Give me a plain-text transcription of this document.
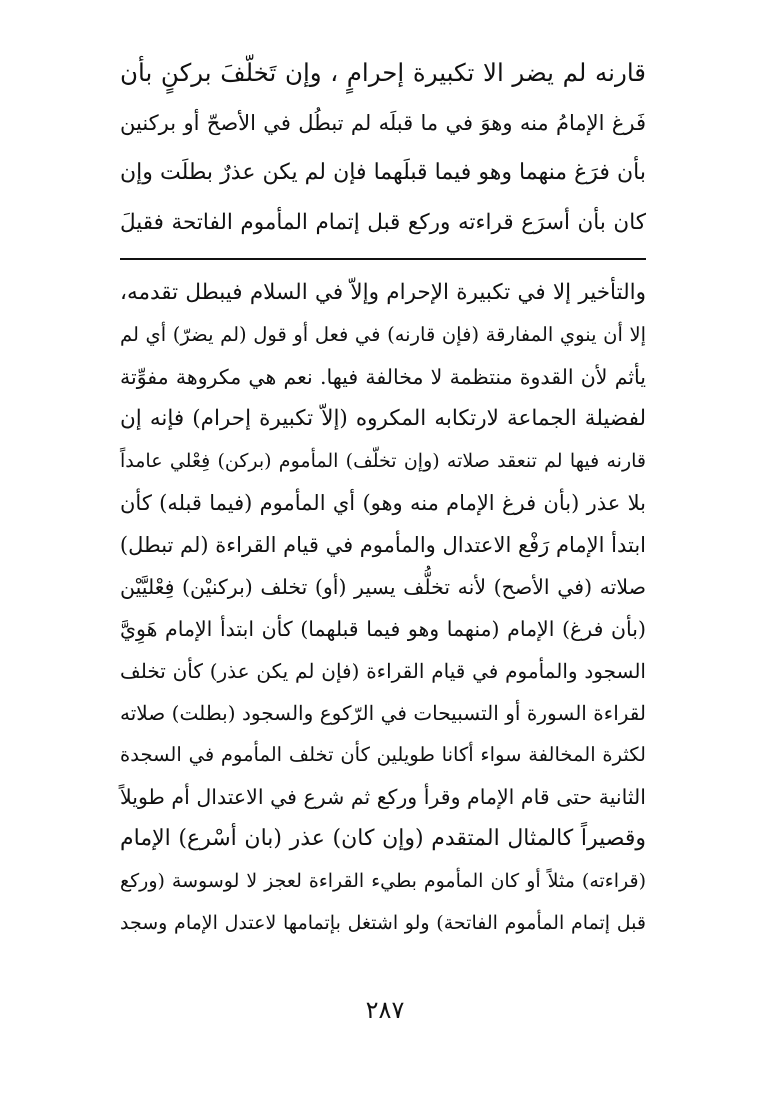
قارنه لم يضر الا تكبيرة إحرامٍ ، وإن تَخلّفَ بركنٍ بأن
فَرغ الإمامُ منه وهوَ في ما قبلَه لم تبطُل في الأصحّ أو بركنين
بأن فرَغ منهما وهو فيما قبلَهما فإن لم يكن عذرٌ بطلَت وإن
كان بأن أسرَع قراءته وركع قبل إتمام المأموم الفاتحة فقيلَ
والتأخير إلا في تكبيرة الإحرام وإلاّ في السلام فيبطل تقدمه،
إلا أن ينوي المفارقة (فإن قارنه) في فعل أو قول (لم يضرّ) أي لم
يأثم لأن القدوة منتظمة لا مخالفة فيها. نعم هي مكروهة مفوِّتة
لفضيلة الجماعة لارتكابه المكروه (إلاّ تكبيرة إحرام) فإنه إن
قارنه فيها لم تنعقد صلاته (وإن تخلّف) المأموم (بركن) فِعْلي عامداً
بلا عذر (بأن فرغ الإمام منه وهو) أي المأموم (فيما قبله) كأن
ابتدأ الإمام رَفْع الاعتدال والمأموم في قيام القراءة (لم تبطل)
صلاته (في الأصح) لأنه تخلُّف يسير (أو) تخلف (بركنيْن) فِعْليَّيْن
(بأن فرغ) الإمام (منهما وهو فيما قبلهما) كأن ابتدأ الإمام هَوِيَّ
السجود والمأموم في قيام القراءة (فإن لم يكن عذر) كأن تخلف
لقراءة السورة أو التسبيحات في الرّكوع والسجود (بطلت) صلاته
لكثرة المخالفة سواء أكانا طويلين كأن تخلف المأموم في السجدة
الثانية حتى قام الإمام وقرأ وركع ثم شرع في الاعتدال أم طويلاً
وقصيراً كالمثال المتقدم (وإن كان) عذر (بان أسْرع) الإمام
(قراءته) مثلاً أو كان المأموم بطيء القراءة لعجز لا لوسوسة (وركع
قبل إتمام المأموم الفاتحة) ولو اشتغل بإتمامها لاعتدل الإمام وسجد
٢٨٧
